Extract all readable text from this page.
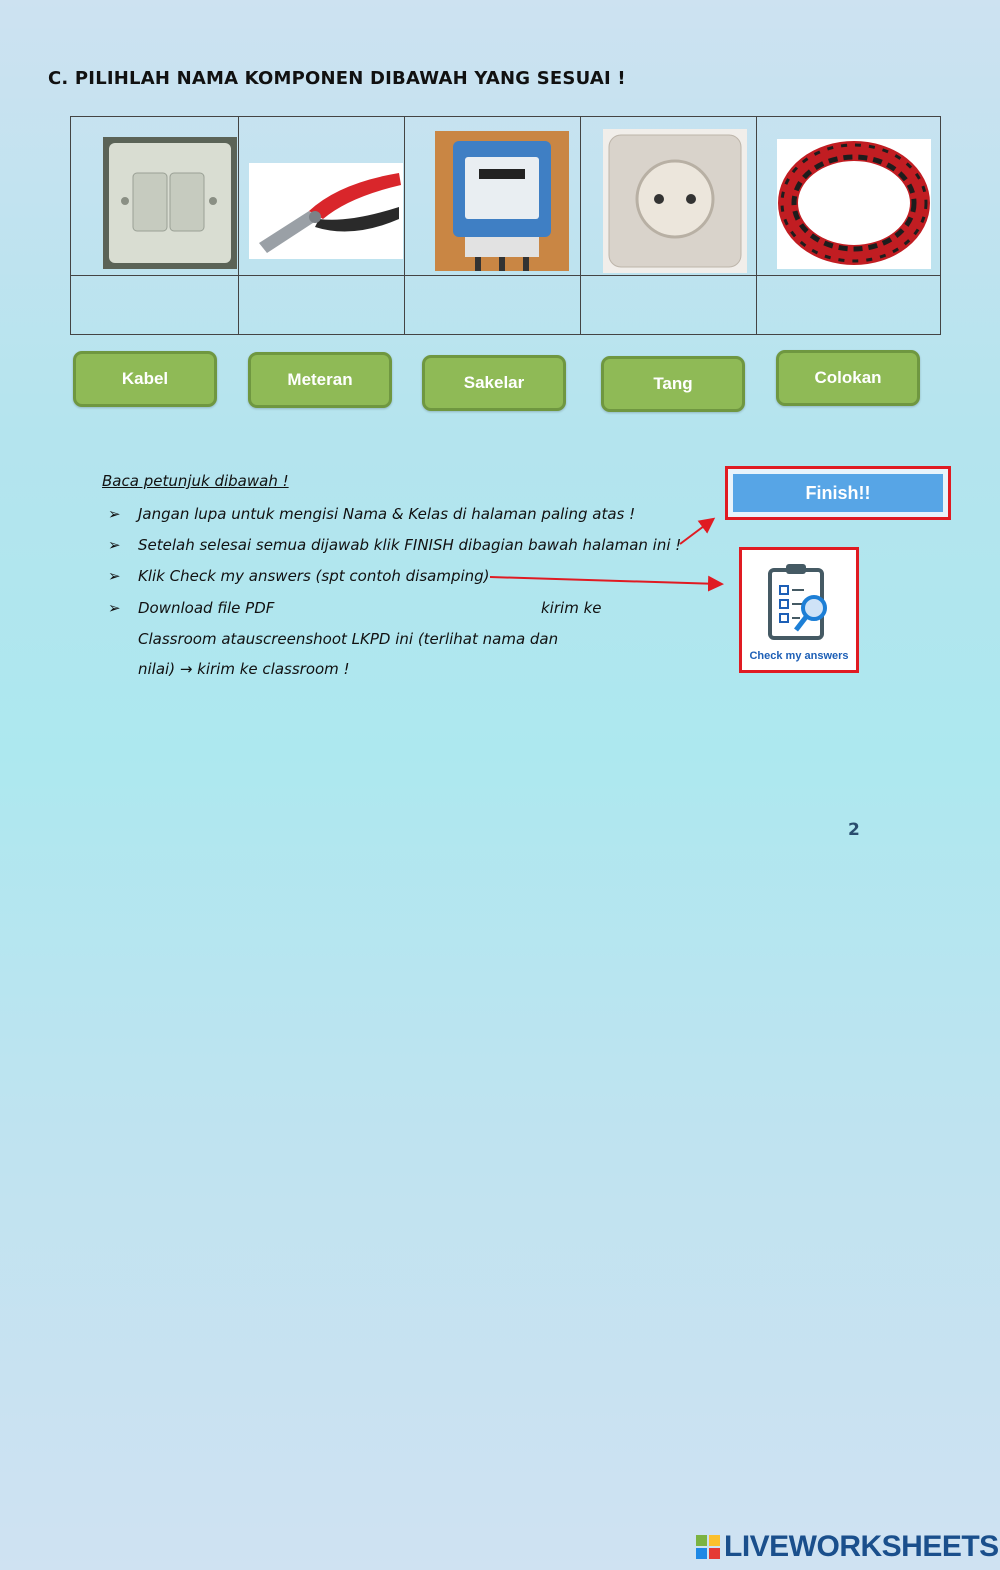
C. PILIHLAH NAMA KOMPONEN DIBAWAH YANG SESUAI !

Kabel	Meteran	Sakelar	Tang	Colokan
Baca petunjuk dibawah !
➢ Jangan lupa untuk mengisi Nama & Kelas di halaman paling atas !
➢ Setelah selesai semua dijawab klik FINISH dibagian bawah halaman ini !
➢ Klik Check my answers (spt contoh disamping)
➢ Download file PDF	kirim ke
Classroom atauscreenshoot LKPD ini (terlihat nama dan
nilai) → kirim ke classroom !
Finish!!
Check my answers
2
LIVEWORKSHEETS
